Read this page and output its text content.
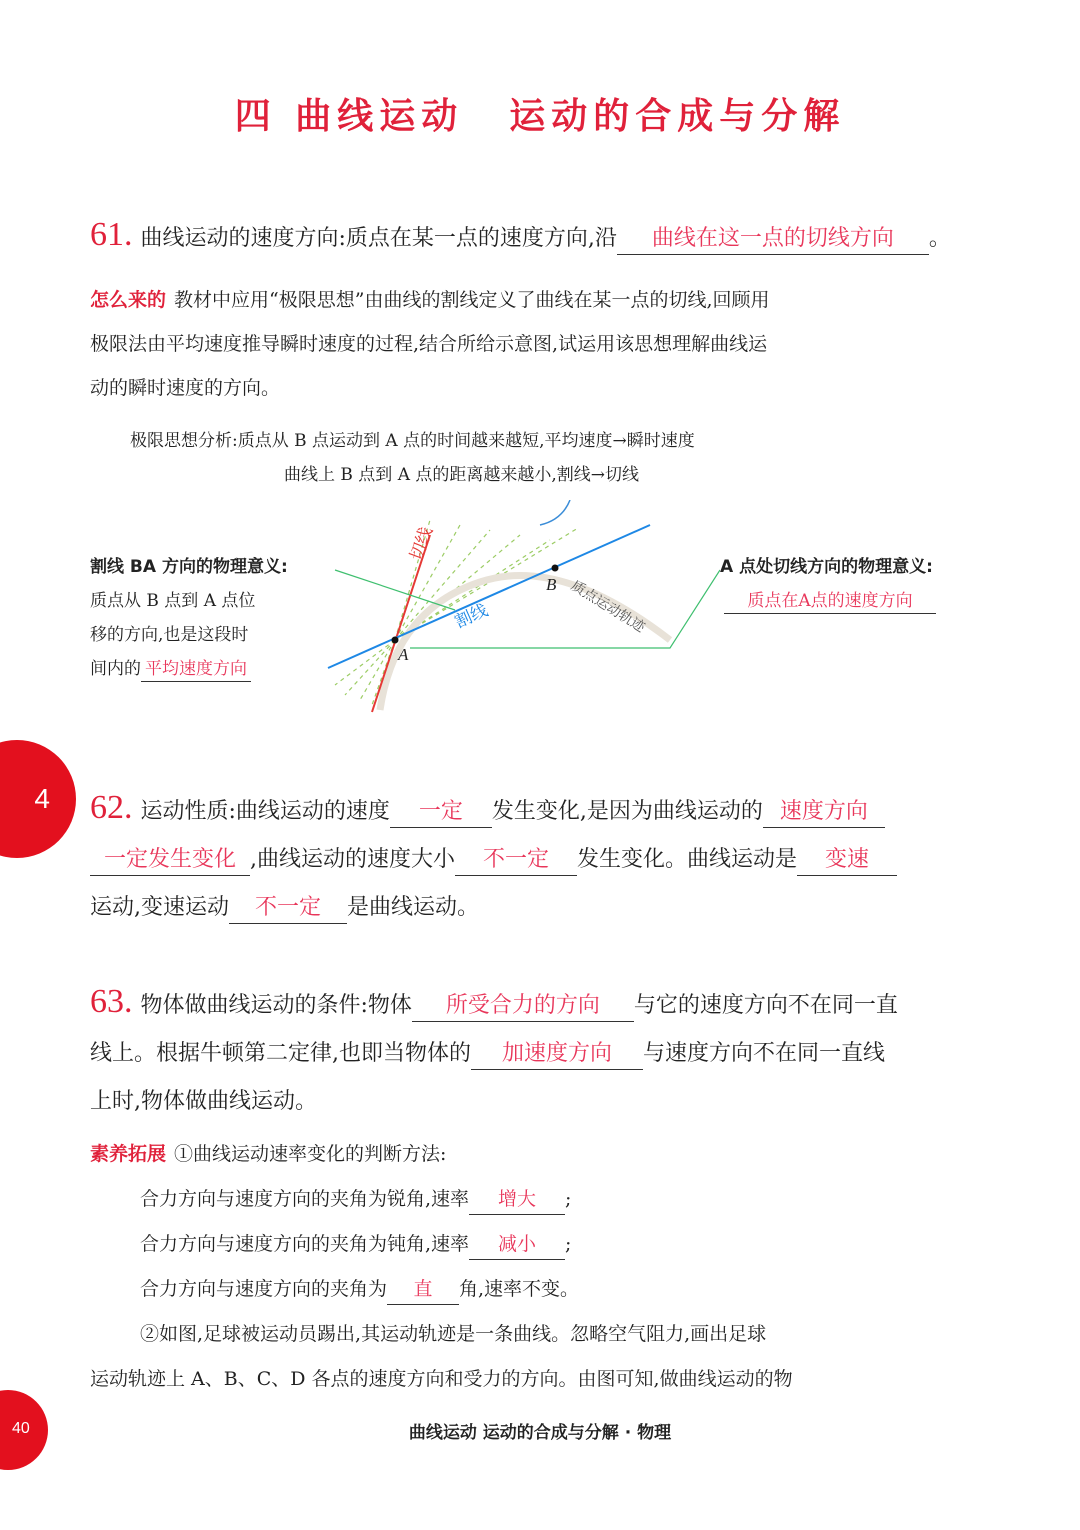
四 曲线运动 运动的合成与分解
61. 曲线运动的速度方向:质点在某一点的速度方向,沿 曲线在这一点的切线方向 。
怎么来的 教材中应用“极限思想”由曲线的割线定义了曲线在某一点的切线,回顾用
极限法由平均速度推导瞬时速度的过程,结合所给示意图,试运用该思想理解曲线运
动的瞬时速度的方向。
极限思想分析:质点从 B 点运动到 A 点的时间越来越短,平均速度→瞬时速度
曲线上 B 点到 A 点的距离越来越小,割线→切线
割线 BA 方向的物理意义:
质点从 B 点到 A 点位
移的方向,也是这段时
间内的 平均速度方向
A 点处切线方向的物理意义:
质点在A点的速度方向
A
B
切线
割线	质点运动轨迹
4 62. 运动性质:曲线运动的速度 一定 发生变化,是因为曲线运动的 速度方向
一定发生变化 ,曲线运动的速度大小 不一定 发生变化。曲线运动是 变速
运动,变速运动 不一定 是曲线运动。
63. 物体做曲线运动的条件:物体 所受合力的方向 与它的速度方向不在同一直
线上。根据牛顿第二定律,也即当物体的 加速度方向 与速度方向不在同一直线
上时,物体做曲线运动。
素养拓展 ①曲线运动速率变化的判断方法:
合力方向与速度方向的夹角为锐角,速率 增大 ;
合力方向与速度方向的夹角为钝角,速率 减小 ;
合力方向与速度方向的夹角为 直 角,速率不变。
②如图,足球被运动员踢出,其运动轨迹是一条曲线。忽略空气阻力,画出足球
运动轨迹上 A、B、C、D 各点的速度方向和受力的方向。由图可知,做曲线运动的物
40	曲线运动 运动的合成与分解 · 物理
